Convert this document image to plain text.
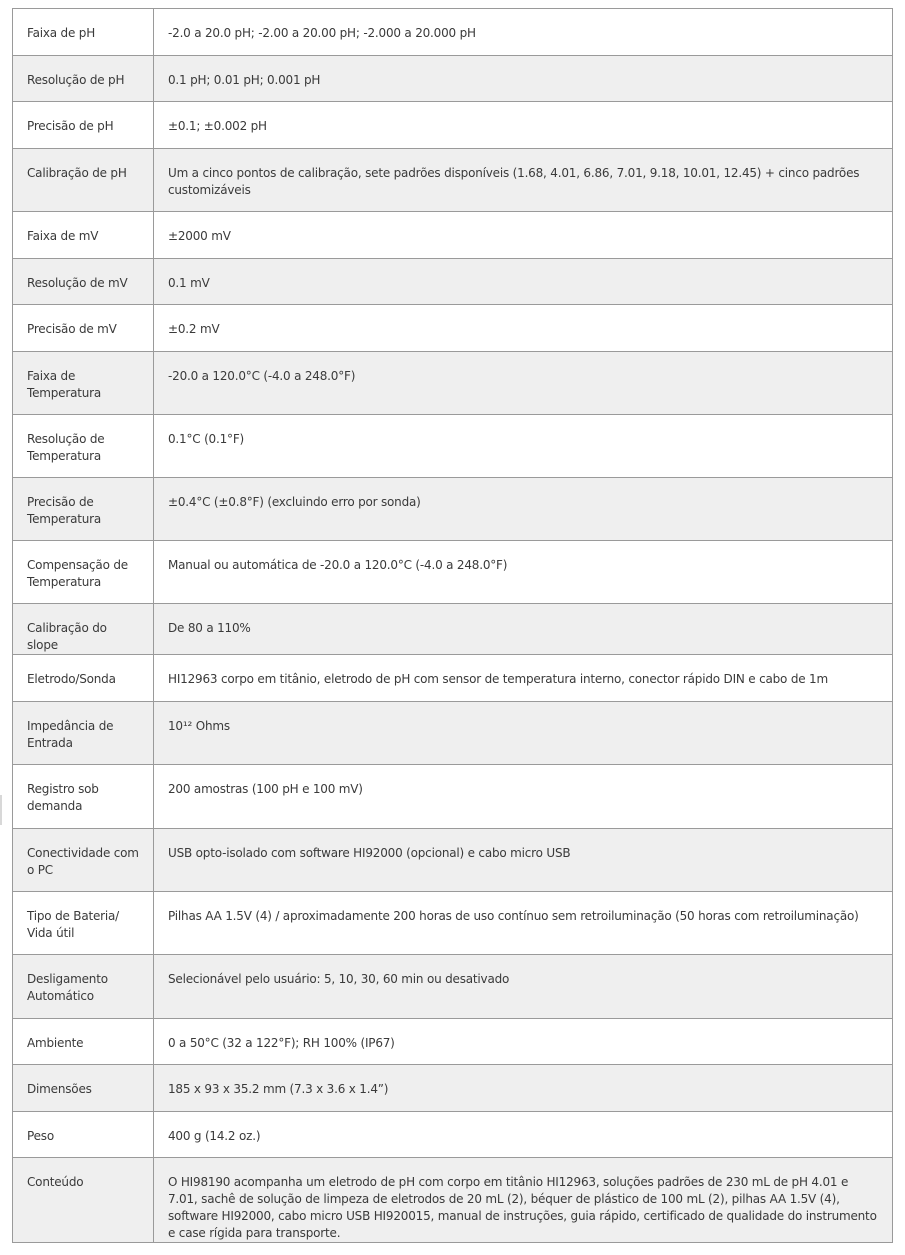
Faixa de pH	-2.0 a 20.0 pH; -2.00 a 20.00 pH; -2.000 a 20.000 pH

Resolução de pH	0.1 pH; 0.01 pH; 0.001 pH

Precisão de pH	±0.1; ±0.002 pH

Calibração de pH	Um a cinco pontos de calibração, sete padrões disponíveis (1.68, 4.01, 6.86, 7.01, 9.18, 10.01, 12.45) + cinco padrões customizáveis

Faixa de mV	±2000 mV

Resolução de mV	0.1 mV

Precisão de mV	±0.2 mV

Faixa de Temperatura	-20.0 a 120.0°C (-4.0 a 248.0°F)

Resolução de Temperatura	0.1°C (0.1°F)

Precisão de Temperatura	±0.4°C (±0.8°F) (excluindo erro por sonda)

Compensação de Temperatura	Manual ou automática de -20.0 a 120.0°C (-4.0 a 248.0°F)

Calibração do slope	De 80 a 110%

Eletrodo/Sonda	HI12963 corpo em titânio, eletrodo de pH com sensor de temperatura interno, conector rápido DIN e cabo de 1m

Impedância de Entrada	10¹² Ohms

Registro sob demanda	200 amostras (100 pH e 100 mV)

Conectividade com o PC	USB opto-isolado com software HI92000 (opcional) e cabo micro USB

Tipo de Bateria/ Vida útil	Pilhas AA 1.5V (4) / aproximadamente 200 horas de uso contínuo sem retroiluminação (50 horas com retroiluminação)

Desligamento Automático	Selecionável pelo usuário: 5, 10, 30, 60 min ou desativado

Ambiente	0 a 50°C (32 a 122°F); RH 100% (IP67)

Dimensões	185 x 93 x 35.2 mm (7.3 x 3.6 x 1.4”)

Peso	400 g (14.2 oz.)

Conteúdo	O HI98190 acompanha um eletrodo de pH com corpo em titânio HI12963, soluções padrões de 230 mL de pH 4.01 e 7.01, sachê de solução de limpeza de eletrodos de 20 mL (2), béquer de plástico de 100 mL (2), pilhas AA 1.5V (4), software HI92000, cabo micro USB HI920015, manual de instruções, guia rápido, certificado de qualidade do instrumento e case rígida para transporte.
